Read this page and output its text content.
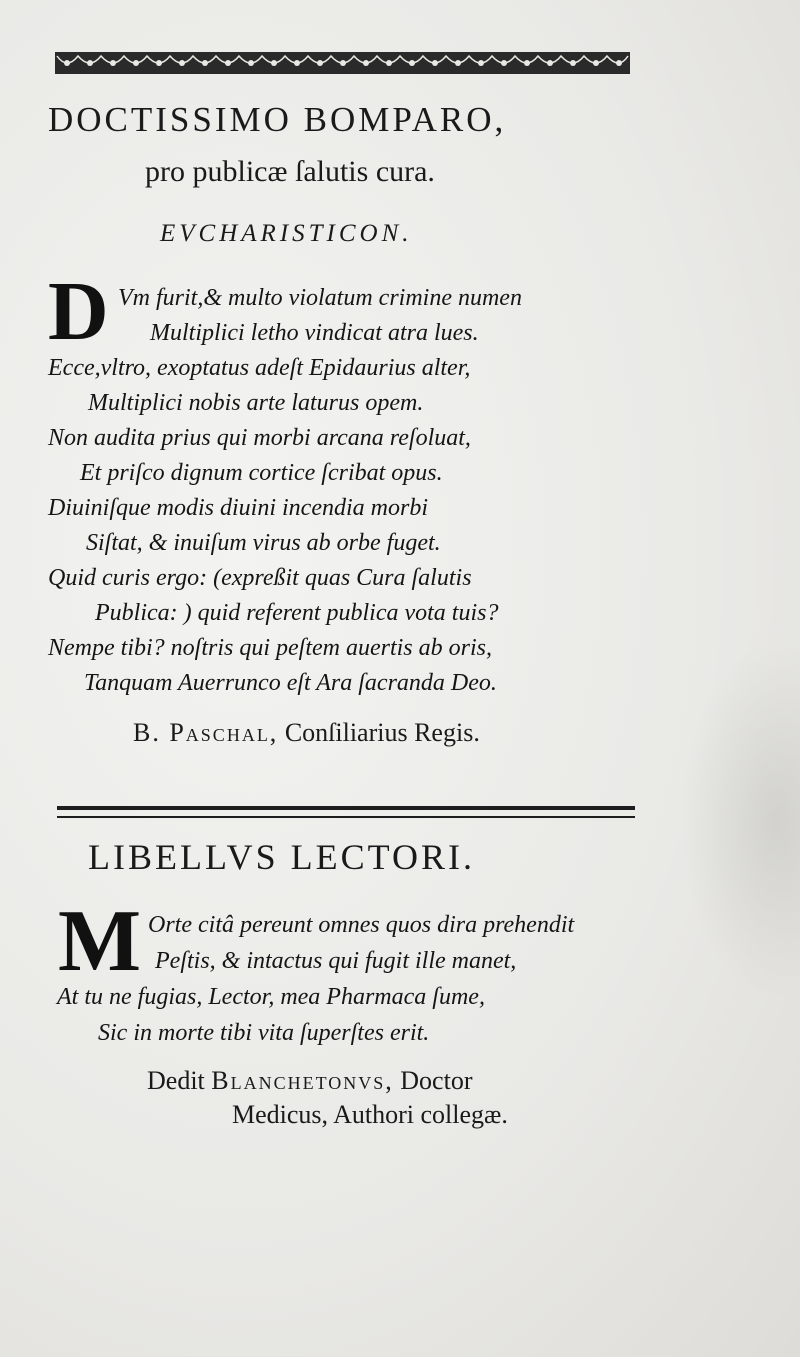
DOCTISSIMO BOMPARO,
pro publicæ ſalutis cura.
EVCHARISTICON.
D Vm furit,& multo violatum crimine numen
Multiplici letho vindicat atra lues.
Ecce,vltro, exoptatus adeſt Epidaurius alter,
Multiplici nobis arte laturus opem.
Non audita prius qui morbi arcana reſoluat,
Et priſco dignum cortice ſcribat opus.
Diuiniſque modis diuini incendia morbi
Siſtat, & inuiſum virus ab orbe fuget.
Quid curis ergo: (expreßit quas Cura ſalutis
Publica: ) quid referent publica vota tuis?
Nempe tibi? noſtris qui peſtem auertis ab oris,
Tanquam Auerrunco eſt Ara ſacranda Deo.
B. Paschal, Conſiliarius Regis.
LIBELLVS LECTORI.
M Orte citâ pereunt omnes quos dira prehendit
Peſtis, & intactus qui fugit ille manet,
At tu ne fugias, Lector, mea Pharmaca ſume,
Sic in morte tibi vita ſuperſtes erit.
Dedit Blanchetonvs, Doctor
Medicus, Authori collegæ.
